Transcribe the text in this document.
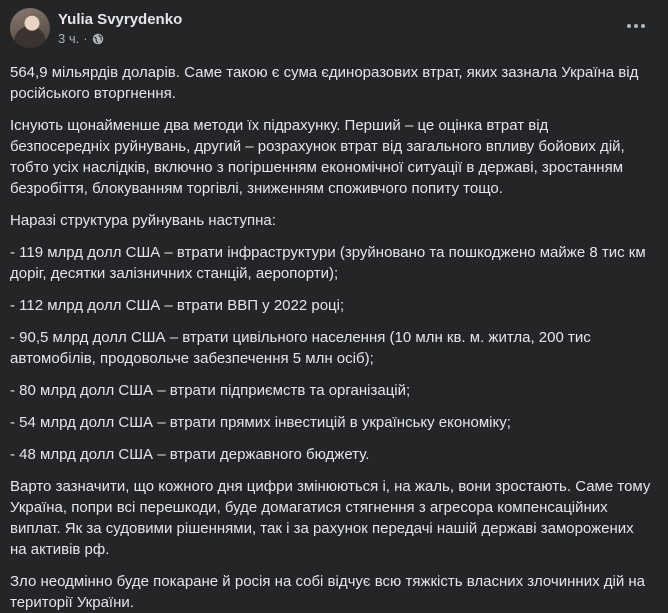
Yulia Svyrydenko
3 ч. ·

564,9 мільярдів доларів. Саме такою є сума єдиноразових втрат, яких зазнала Україна від російського вторгнення.

Існують щонайменше два методи їх підрахунку. Перший – це оцінка втрат від безпосередніх руйнувань, другий – розрахунок втрат від загального впливу бойових дій, тобто усіх наслідків, включно з погіршенням економічної ситуації в державі, зростанням безробіття, блокуванням торгівлі, зниженням споживчого попиту тощо.

Наразі структура руйнувань наступна:

- 119 млрд долл США – втрати інфраструктури (зруйновано та пошкоджено майже 8 тис км доріг, десятки залізничних станцій, аеропорти);

- 112 млрд долл США – втрати ВВП у 2022 році;

- 90,5 млрд долл США – втрати цивільного населення (10 млн кв. м. житла, 200 тис автомобілів, продовольче забезпечення 5 млн осіб);

- 80 млрд долл США – втрати підприємств та організацій;

- 54 млрд долл США – втрати прямих інвестицій в українську економіку;

- 48 млрд долл США – втрати державного бюджету.

Варто зазначити, що кожного дня цифри змінюються і, на жаль, вони зростають. Саме тому Україна, попри всі перешкоди, буде домагатися стягнення з агресора компенсаційних виплат. Як за судовими рішеннями, так і за рахунок передачі нашій державі заморожених на активів рф.

Зло неодмінно буде покаране й росія на собі відчує всю тяжкість власних злочинних дій на території України.
